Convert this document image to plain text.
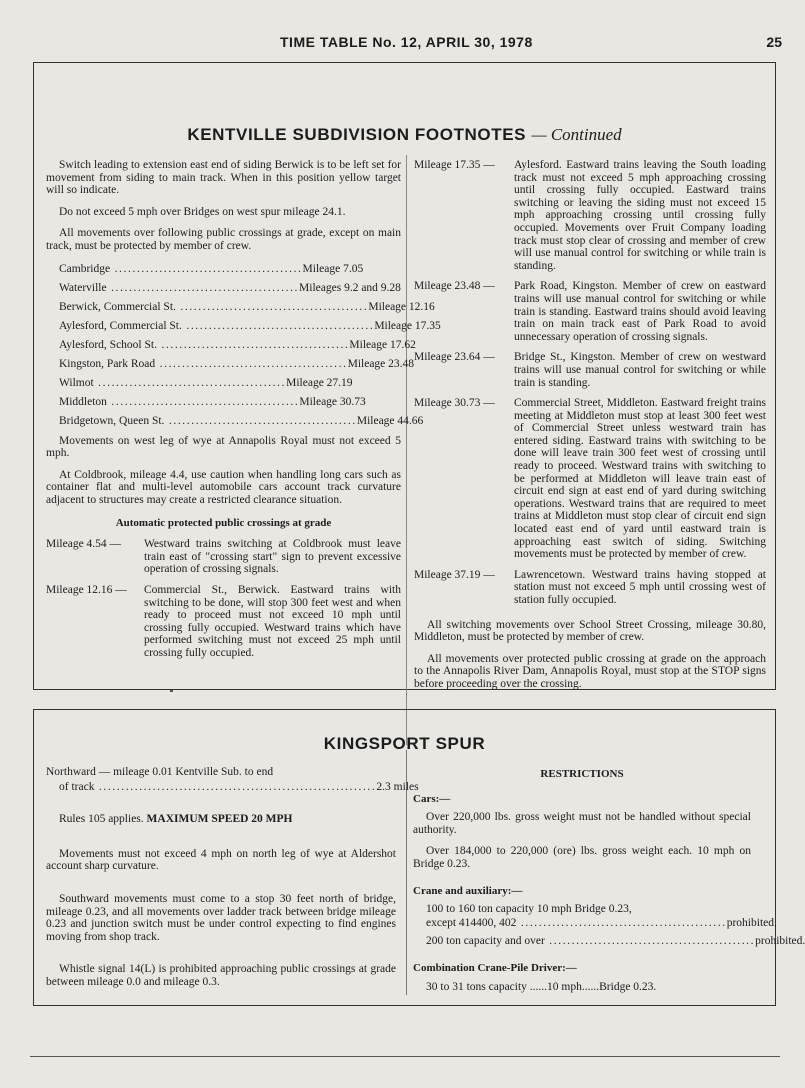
TIME TABLE No. 12, APRIL 30, 1978	25
KENTVILLE SUBDIVISION FOOTNOTES — Continued

Switch leading to extension east end of siding Berwick is to be left set for movement from siding to main track. When in this position yellow target will so indicate.

Do not exceed 5 mph over Bridges on west spur mileage 24.1.

All movements over following public crossings at grade, except on main track, must be protected by member of crew.

Cambridge .......................................... Mileage 7.05
Waterville .......................................... Mileages 9.2 and 9.28
Berwick, Commercial St. .......................................... Mileage 12.16
Aylesford, Commercial St. .......................................... Mileage 17.35
Aylesford, School St. .......................................... Mileage 17.62
Kingston, Park Road .......................................... Mileage 23.48
Wilmot .......................................... Mileage 27.19
Middleton .......................................... Mileage 30.73
Bridgetown, Queen St. .......................................... Mileage 44.66

Movements on west leg of wye at Annapolis Royal must not exceed 5 mph.

At Coldbrook, mileage 4.4, use caution when handling long cars such as container flat and multi-level automobile cars account track curvature adjacent to structures may create a restricted clearance situation.

Automatic protected public crossings at grade
Mileage 4.54 —	Westward trains switching at Coldbrook must leave train east of "crossing start" sign to prevent excessive operation of crossing signals.
Mileage 12.16 —	Commercial St., Berwick. Eastward trains with switching to be done, will stop 300 feet west and when ready to proceed must not exceed 10 mph until crossing fully occupied. Westward trains which have performed switching must not exceed 25 mph until crossing fully occupied.
Mileage 17.35 —	Aylesford. Eastward trains leaving the South loading track must not exceed 5 mph approaching crossing until crossing fully occupied. Eastward trains switching or leaving the siding must not exceed 15 mph approaching crossing until crossing fully occupied. Movements over Fruit Company loading track must stop clear of crossing and member of crew will use manual control for switching or while train is standing.
Mileage 23.48 —	Park Road, Kingston. Member of crew on eastward trains will use manual control for switching or while train is standing. Eastward trains should avoid leaving train on main track east of Park Road to avoid unnecessary operation of crossing signals.
Mileage 23.64 —	Bridge St., Kingston. Member of crew on westward trains will use manual control for switching or while train is standing.
Mileage 30.73 —	Commercial Street, Middleton. Eastward freight trains meeting at Middleton must stop at least 300 feet west of Commercial Street unless westward train has entered siding. Eastward trains with switching to be done will leave train 300 feet west of crossing until ready to proceed. Westward trains with switching to be performed at Middleton will leave train east of circuit end sign at east end of yard during switching operations. Westward trains that are required to meet trains at Middleton must stop clear of circuit end sign located east end of yard until eastward train is approaching east switch of siding. Switching movements must be protected by member of crew.
Mileage 37.19 —	Lawrencetown. Westward trains having stopped at station must not exceed 5 mph until crossing west of station fully occupied.

All switching movements over School Street Crossing, mileage 30.80, Middleton, must be protected by member of crew.

All movements over protected public crossing at grade on the approach to the Annapolis River Dam, Annapolis Royal, must stop at the STOP signs before proceeding over the crossing.

KINGSPORT SPUR
Northward — mileage 0.01 Kentville Sub. to end
of track .............................................................. 2.3 miles
Rules 105 applies. MAXIMUM SPEED 20 MPH

Movements must not exceed 4 mph on north leg of wye at Aldershot account sharp curvature.

Southward movements must come to a stop 30 feet north of bridge, mileage 0.23, and all movements over ladder track between bridge mileage 0.23 and junction switch must be under control expecting to find engines moving from shop track.

Whistle signal 14(L) is prohibited approaching public crossings at grade between mileage 0.0 and mileage 0.3.

RESTRICTIONS
Cars:—

Over 220,000 lbs. gross weight must not be handled without special authority.

Over 184,000 to 220,000 (ore) lbs. gross weight each. 10 mph on Bridge 0.23.

Crane and auxiliary:—
100 to 160 ton capacity 10 mph Bridge 0.23,
except 414400, 402 .............................................. prohibited.
200 ton capacity and over .............................................. prohibited.
Combination Crane-Pile Driver:—
30 to 31 tons capacity ......10 mph......Bridge 0.23.
